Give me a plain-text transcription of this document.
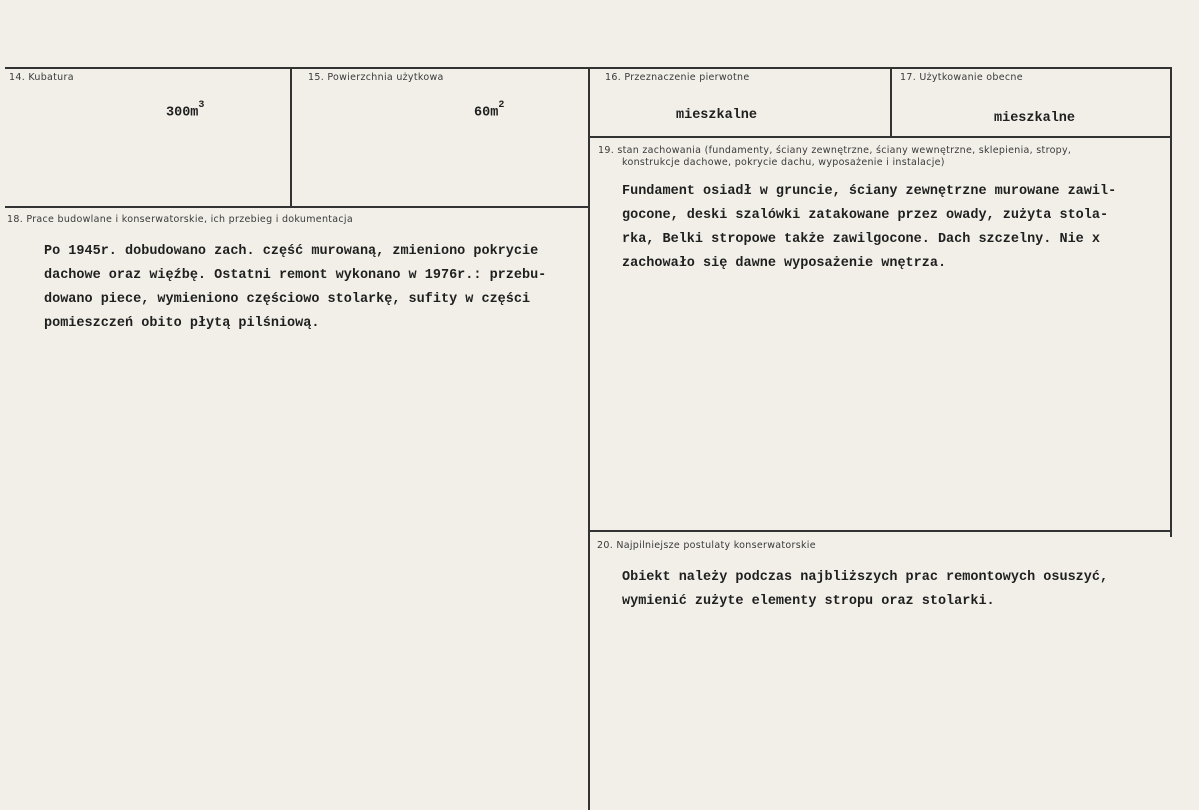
14. Kubatura
$300m^3$
15. Powierzchnia użytkowa
$60m^2$
16. Przeznaczenie pierwotne
mieszkalne
17. Użytkowanie obecne
mieszkalne
18. Prace budowlane i konserwatorskie, ich przebieg i dokumentacja
Po 1945r. dobudowano zach. część murowaną, zmieniono pokrycie
dachowe oraz więźbę. Ostatni remont wykonano w 1976r.: przebu-
dowano piece, wymieniono częściowo stolarkę, sufity w części
pomieszczeń obito płytą pilśniową.
19. stan zachowania (fundamenty, ściany zewnętrzne, ściany wewnętrzne, sklepienia, stropy,
konstrukcje dachowe, pokrycie dachu, wyposażenie i instalacje)
Fundament osiadł w gruncie, ściany zewnętrzne murowane zawil-
gocone, deski szalówki zatakowane przez owady, zużyta stola-
rka, Belki stropowe także zawilgocone. Dach szczelny. Nie x
zachowało się dawne wyposażenie wnętrza.
20. Najpilniejsze postulaty konserwatorskie
Obiekt należy podczas najbliższych prac remontowych osuszyć,
wymienić zużyte elementy stropu oraz stolarki.
